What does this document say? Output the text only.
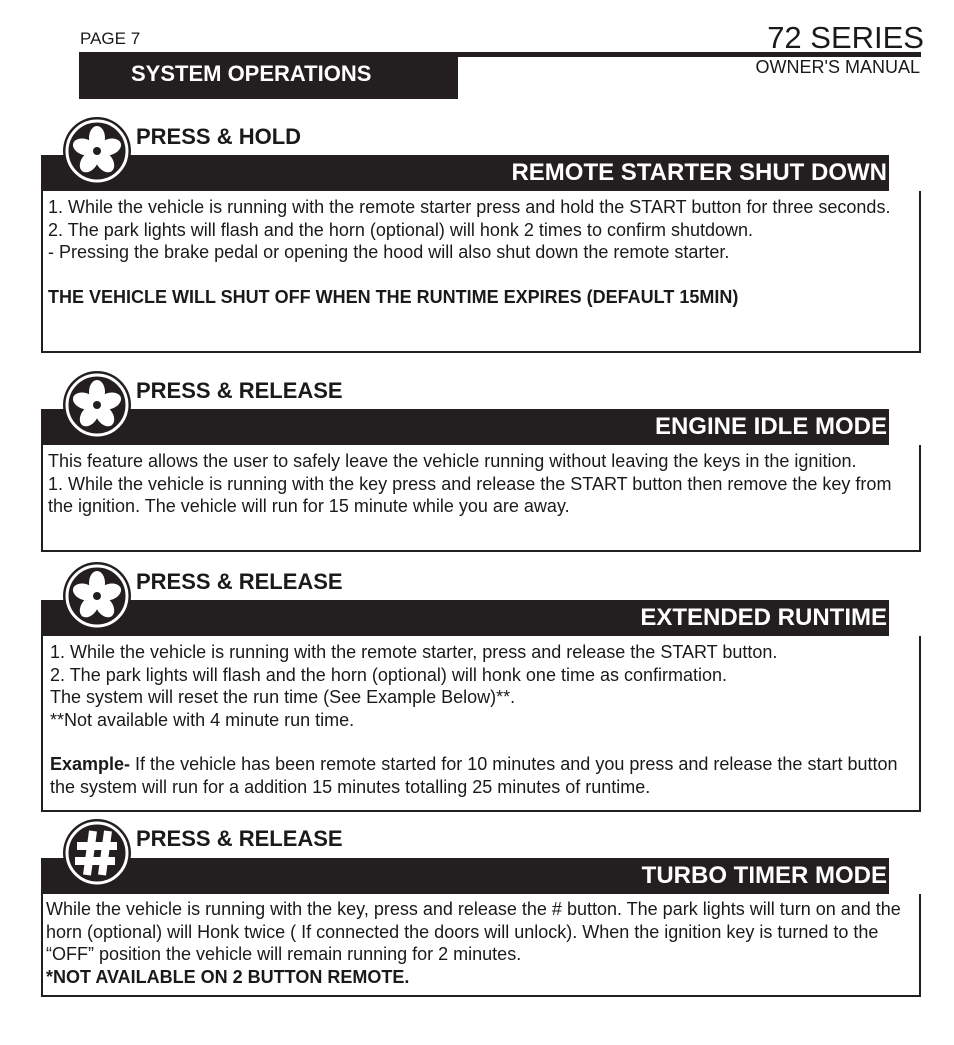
PAGE 7
SYSTEM OPERATIONS
72 SERIES
OWNER'S MANUAL
PRESS & HOLD
REMOTE STARTER SHUT DOWN

1. While the vehicle is running with the remote starter press and hold the START button for three seconds.

2. The park lights will flash and the horn (optional) will honk 2 times to confirm shutdown.

- Pressing the brake pedal or opening the hood will also shut down the remote starter.

THE VEHICLE WILL SHUT OFF WHEN THE RUNTIME EXPIRES (DEFAULT 15MIN)

PRESS & RELEASE
ENGINE IDLE MODE

This feature allows the user to safely leave the vehicle running without leaving the keys in the ignition.

1. While the vehicle is running with the key press and release the START button then remove the key from the ignition. The vehicle will run for 15 minute while you are away.

PRESS & RELEASE
EXTENDED RUNTIME

1. While the vehicle is running with the remote starter, press and release the START button.

2. The park lights will flash and the horn (optional) will honk one time as confirmation.

The system will reset the run time (See Example Below)**.

**Not available with 4 minute run time.

Example- If the vehicle has been remote started for 10 minutes and you press and release the start button the system will run for a addition 15 minutes totalling 25 minutes of runtime.

PRESS & RELEASE
TURBO TIMER MODE

While the vehicle is running with the key, press and release the # button. The park lights will turn on and the horn (optional) will Honk twice ( If connected the doors will unlock). When the ignition key is turned to the “OFF” position the vehicle will remain running for 2 minutes.

*NOT AVAILABLE ON 2 BUTTON REMOTE.
